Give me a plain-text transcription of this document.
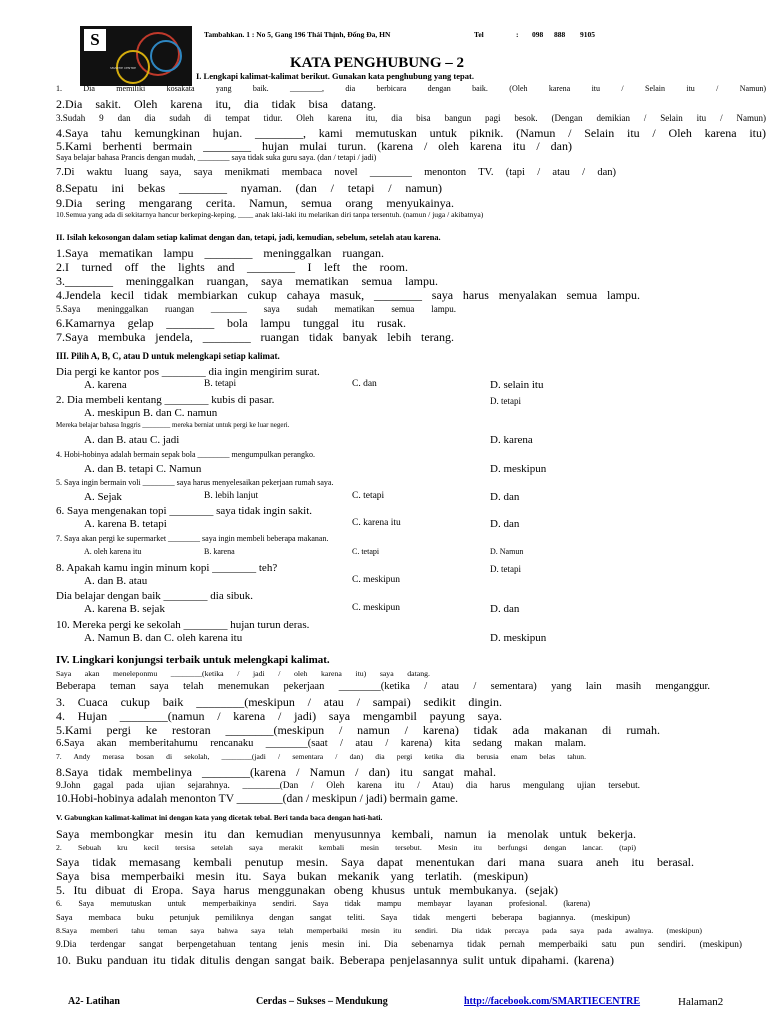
S
SMARTIE CENTRE
Tambahkan. 1 : No 5, Gang 196 Thái Thịnh, Đống Đa, HN	Tel	: 098 888 9105
KATA PENGHUBUNG – 2
I. Lengkapi kalimat-kalimat berikut. Gunakan kata penghubung yang tepat.
1. Dia memiliki kosakata yang baik. ________, dia berbicara dengan baik. (Oleh karena itu / Selain itu / Namun)
2.Dia sakit. Oleh karena itu, dia tidak bisa datang.
3.Sudah 9 dan dia sudah di tempat tidur. Oleh karena itu, dia bisa bangun pagi besok. (Dengan demikian / Selain itu / Namun)
4.Saya tahu kemungkinan hujan. ________, kami memutuskan untuk piknik. (Namun / Selain itu / Oleh karena itu)
5.Kami berhenti bermain ________ hujan mulai turun. (karena / oleh karena itu / dan)
Saya belajar bahasa Prancis dengan mudah, ________ saya tidak suka guru saya. (dan / tetapi / jadi)
7.Di waktu luang saya, saya menikmati membaca novel ________ menonton TV. (tapi / atau / dan)
8.Sepatu ini bekas ________ nyaman. (dan / tetapi / namun)
9.Dia sering mengarang cerita. Namun, semua orang menyukainya.
10.Semua yang ada di sekitarnya hancur berkeping-keping, ____ anak laki-laki itu melarikan diri tanpa tersentuh. (namun / juga / akibatnya)
II. Isilah kekosongan dalam setiap kalimat dengan dan, tetapi, jadi, kemudian, sebelum, setelah atau karena.
1.Saya mematikan lampu ________ meninggalkan ruangan.
2.I turned off the lights and ________ I left the room.
3.________ meninggalkan ruangan, saya mematikan semua lampu.
4.Jendela kecil tidak membiarkan cukup cahaya masuk, ________ saya harus menyalakan semua lampu.
5.Saya meninggalkan ruangan ________ saya sudah mematikan semua lampu.
6.Kamarnya gelap ________ bola lampu tunggal itu rusak.
7.Saya membuka jendela, ________ ruangan tidak banyak lebih terang.
III. Pilih A, B, C, atau D untuk melengkapi setiap kalimat.
Dia pergi ke kantor pos ________ dia ingin mengirim surat.
A. karena	B. tetapi	C. dan	D. selain itu
2. Dia membeli kentang ________ kubis di pasar.
A. meskipun B. dan C. namun
D. tetapi
Mereka belajar bahasa Inggris ________ mereka berniat untuk pergi ke luar negeri.
A. dan B. atau C. jadi	D. karena
4. Hobi-hobinya adalah bermain sepak bola ________ mengumpulkan perangko.
A. dan B. tetapi C. Namun	D. meskipun
5. Saya ingin bermain voli ________ saya harus menyelesaikan pekerjaan rumah saya.
A. Sejak	B. lebih lanjut	C. tetapi	D. dan
6. Saya mengenakan topi ________ saya tidak ingin sakit.
A. karena B. tetapi	C. karena itu	D. dan
7. Saya akan pergi ke supermarket ________ saya ingin membeli beberapa makanan.
A. oleh karena itu	B. karena	C. tetapi	D. Namun
8. Apakah kamu ingin minum kopi ________ teh?
A. dan B. atau	C. meskipun
D. tetapi
Dia belajar dengan baik ________ dia sibuk.
A. karena B. sejak	C. meskipun	D. dan
10. Mereka pergi ke sekolah ________ hujan turun deras.
A. Namun B. dan C. oleh karena itu	D. meskipun
IV. Lingkari konjungsi terbaik untuk melengkapi kalimat.
Saya akan meneleponmu ________(ketika / jadi / oleh karena itu) saya datang.
Beberapa teman saya telah menemukan pekerjaan ________(ketika / atau / sementara) yang lain masih menganggur.
3. Cuaca cukup baik ________(meskipun / atau / sampai) sedikit dingin.
4. Hujan ________(namun / karena / jadi) saya mengambil payung saya.
5.Kami pergi ke restoran ________(meskipun / namun / karena) tidak ada makanan di rumah.
6.Saya akan memberitahumu rencanaku ________(saat / atau / karena) kita sedang makan malam.
7. Andy merasa bosan di sekolah, ________(jadi / sementara / dan) dia pergi ketika dia berusia enam belas tahun.
8.Saya tidak membelinya ________(karena / Namun / dan) itu sangat mahal.
9.John gagal pada ujian sejarahnya. ________(Dan / Oleh karena itu / Atau) dia harus mengulang ujian tersebut.
10.Hobi-hobinya adalah menonton TV ________(dan / meskipun / jadi) bermain game.
V. Gabungkan kalimat-kalimat ini dengan kata yang dicetak tebal. Beri tanda baca dengan hati-hati.
Saya membongkar mesin itu dan kemudian menyusunnya kembali, namun ia menolak untuk bekerja.
2. Sebuah kru kecil tersisa setelah saya merakit kembali mesin tersebut. Mesin itu berfungsi dengan lancar. (tapi)
Saya tidak memasang kembali penutup mesin. Saya dapat menentukan dari mana suara aneh itu berasal.
Saya bisa memperbaiki mesin itu. Saya bukan mekanik yang terlatih. (meskipun)
5. Itu dibuat di Eropa. Saya harus menggunakan obeng khusus untuk membukanya. (sejak)
6. Saya memutuskan untuk memperbaikinya sendiri. Saya tidak mampu membayar layanan profesional. (karena)
Saya membaca buku petunjuk pemiliknya dengan sangat teliti. Saya tidak mengerti beberapa bagiannya. (meskipun)
8.Saya memberi tahu teman saya bahwa saya telah memperbaiki mesin itu sendiri. Dia tidak percaya pada saya pada awalnya. (meskipun)
9.Dia terdengar sangat berpengetahuan tentang jenis mesin ini. Dia sebenarnya tidak pernah memperbaiki satu pun sendiri. (meskipun)
10. Buku panduan itu tidak ditulis dengan sangat baik. Beberapa penjelasannya sulit untuk dipahami. (karena)
A2- Latihan	Cerdas – Sukses – Mendukung	http://facebook.com/SMARTIECENTRE	Halaman2
